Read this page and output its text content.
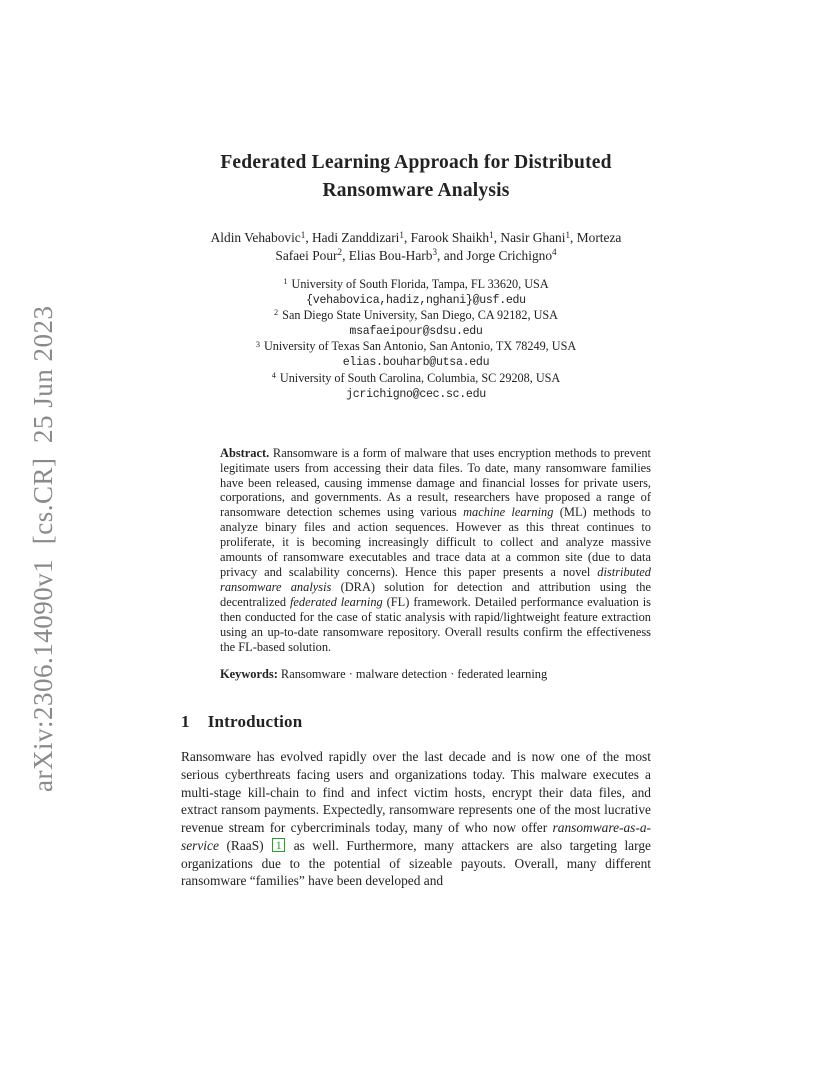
arXiv:2306.14090v1  [cs.CR]  25 Jun 2023
Federated Learning Approach for Distributed
Ransomware Analysis

Aldin Vehabovic$^1$, Hadi Zanddizari$^1$, Farook Shaikh$^1$, Nasir Ghani$^1$, Morteza
Safaei Pour$^2$, Elias Bou-Harb$^3$, and Jorge Crichigno$^4$

$^1$ University of South Florida, Tampa, FL 33620, USA
{vehabovica,hadiz,nghani}@usf.edu
$^2$ San Diego State University, San Diego, CA 92182, USA
msafaeipour@sdsu.edu
$^3$ University of Texas San Antonio, San Antonio, TX 78249, USA
elias.bouharb@utsa.edu
$^4$ University of South Carolina, Columbia, SC 29208, USA
jcrichigno@cec.sc.edu

Abstract. Ransomware is a form of malware that uses encryption methods to prevent legitimate users from accessing their data files. To date, many ransomware families have been released, causing immense damage and financial losses for private users, corporations, and governments. As a result, researchers have proposed a range of ransomware detection schemes using various machine learning (ML) methods to analyze binary files and action sequences. However as this threat continues to proliferate, it is becoming increasingly difficult to collect and analyze massive amounts of ransomware executables and trace data at a common site (due to data privacy and scalability concerns). Hence this paper presents a novel distributed ransomware analysis (DRA) solution for detection and attribution using the decentralized federated learning (FL) framework. Detailed performance evaluation is then conducted for the case of static analysis with rapid/lightweight feature extraction using an up-to-date ransomware repository. Overall results confirm the effectiveness the FL-based solution.

Keywords: Ransomware · malware detection · federated learning

1 Introduction

Ransomware has evolved rapidly over the last decade and is now one of the most serious cyberthreats facing users and organizations today. This malware executes a multi-stage kill-chain to find and infect victim hosts, encrypt their data files, and extract ransom payments. Expectedly, ransomware represents one of the most lucrative revenue stream for cybercriminals today, many of who now offer ransomware-as-a-service (RaaS) 1 as well. Furthermore, many attackers are also targeting large organizations due to the potential of sizeable payouts. Overall, many different ransomware “families” have been developed and
